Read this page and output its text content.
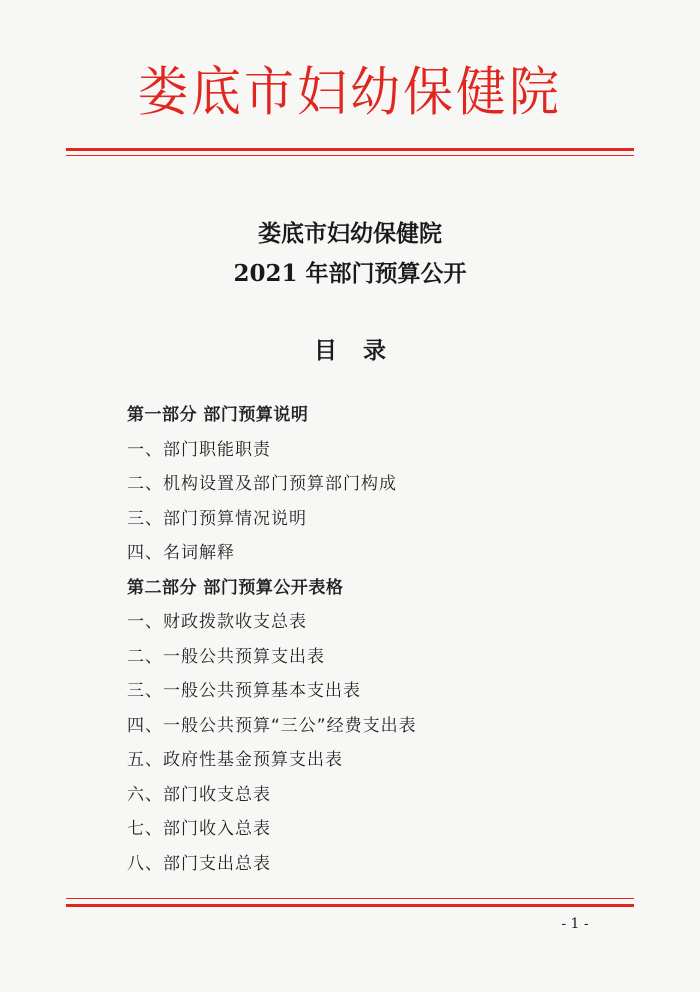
娄底市妇幼保健院
娄底市妇幼保健院
2021 年部门预算公开
目录
第一部分 部门预算说明
一、部门职能职责
二、机构设置及部门预算部门构成
三、部门预算情况说明
四、名词解释
第二部分 部门预算公开表格
一、财政拨款收支总表
二、一般公共预算支出表
三、一般公共预算基本支出表
四、一般公共预算“三公”经费支出表
五、政府性基金预算支出表
六、部门收支总表
七、部门收入总表
八、部门支出总表
- 1 -
